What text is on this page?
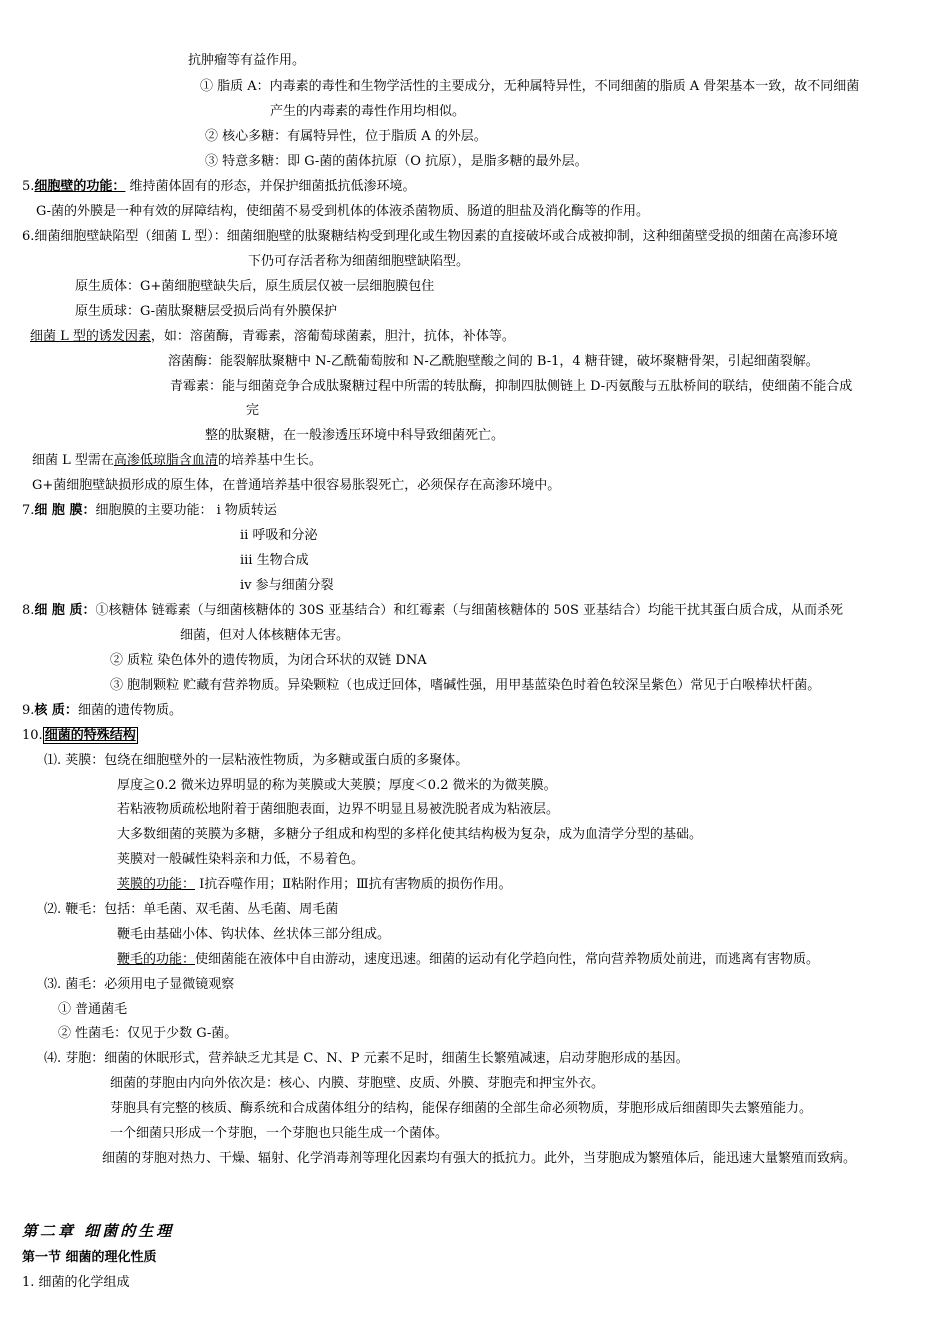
抗肿瘤等有益作用。
① 脂质 A：内毒素的毒性和生物学活性的主要成分，无种属特异性，不同细菌的脂质 A 骨架基本一致，故不同细菌
产生的内毒素的毒性作用均相似。
② 核心多糖：有属特异性，位于脂质 A 的外层。
③ 特意多糖：即 G-菌的菌体抗原（O 抗原），是脂多糖的最外层。
5.细胞壁的功能： 维持菌体固有的形态，并保护细菌抵抗低渗环境。
G-菌的外膜是一种有效的屏障结构，使细菌不易受到机体的体液杀菌物质、肠道的胆盐及消化酶等的作用。
6.细菌细胞壁缺陷型（细菌 L 型）：细菌细胞壁的肽聚糖结构受到理化或生物因素的直接破坏或合成被抑制，这种细菌壁受损的细菌在高渗环境
下仍可存活者称为细菌细胞壁缺陷型。
原生质体：G+菌细胞壁缺失后，原生质层仅被一层细胞膜包住
原生质球：G-菌肽聚糖层受损后尚有外膜保护
细菌 L 型的诱发因素，如：溶菌酶，青霉素，溶葡萄球菌素，胆汁，抗体，补体等。
溶菌酶：能裂解肽聚糖中 N-乙酰葡萄胺和 N-乙酰胞壁酸之间的 B-1，4 糖苷键，破坏聚糖骨架，引起细菌裂解。
青霉素：能与细菌竞争合成肽聚糖过程中所需的转肽酶，抑制四肽侧链上 D-丙氨酸与五肽桥间的联结，使细菌不能合成
完
整的肽聚糖，在一般渗透压环境中科导致细菌死亡。
细菌 L 型需在高渗低琼脂含血清的培养基中生长。
G+菌细胞壁缺损形成的原生体，在普通培养基中很容易胀裂死亡，必须保存在高渗环境中。
7.细 胞 膜：细胞膜的主要功能： ⅰ 物质转运
ⅱ 呼吸和分泌
ⅲ 生物合成
ⅳ 参与细菌分裂
8.细 胞 质：①核糖体 链霉素（与细菌核糖体的 30S 亚基结合）和红霉素（与细菌核糖体的 50S 亚基结合）均能干扰其蛋白质合成，从而杀死
细菌，但对人体核糖体无害。
② 质粒 染色体外的遗传物质，为闭合环状的双链 DNA
③ 胞制颗粒 贮藏有营养物质。异染颗粒（也成迂回体，嗜碱性强，用甲基蓝染色时着色较深呈紫色）常见于白喉棒状杆菌。
9.核 质：细菌的遗传物质。
10. 细菌的特殊结构
⑴. 荚膜：包绕在细胞壁外的一层粘液性物质，为多糖或蛋白质的多聚体。
厚度≧0.2 微米边界明显的称为荚膜或大荚膜；厚度＜0.2 微米的为微荚膜。
若粘液物质疏松地附着于菌细胞表面，边界不明显且易被洗脱者成为粘液层。
大多数细菌的荚膜为多糖，多糖分子组成和构型的多样化使其结构极为复杂，成为血清学分型的基础。
荚膜对一般碱性染料亲和力低，不易着色。
荚膜的功能： Ⅰ抗吞噬作用；Ⅱ粘附作用；Ⅲ抗有害物质的损伤作用。
⑵. 鞭毛：包括：单毛菌、双毛菌、丛毛菌、周毛菌
鞭毛由基础小体、钩状体、丝状体三部分组成。
鞭毛的功能：使细菌能在液体中自由游动，速度迅速。细菌的运动有化学趋向性，常向营养物质处前进，而逃离有害物质。
⑶. 菌毛：必须用电子显微镜观察
① 普通菌毛
② 性菌毛：仅见于少数 G-菌。
⑷. 芽胞：细菌的休眠形式，营养缺乏尤其是 C、N、P 元素不足时，细菌生长繁殖减速，启动芽胞形成的基因。
细菌的芽胞由内向外依次是：核心、内膜、芽胞壁、皮质、外膜、芽胞壳和押宝外衣。
芽胞具有完整的核质、酶系统和合成菌体组分的结构，能保存细菌的全部生命必须物质，芽胞形成后细菌即失去繁殖能力。
一个细菌只形成一个芽胞，一个芽胞也只能生成一个菌体。
细菌的芽胞对热力、干燥、辐射、化学消毒剂等理化因素均有强大的抵抗力。此外，当芽胞成为繁殖体后，能迅速大量繁殖而致病。
第二章 细菌的生理
第一节 细菌的理化性质
1. 细菌的化学组成
